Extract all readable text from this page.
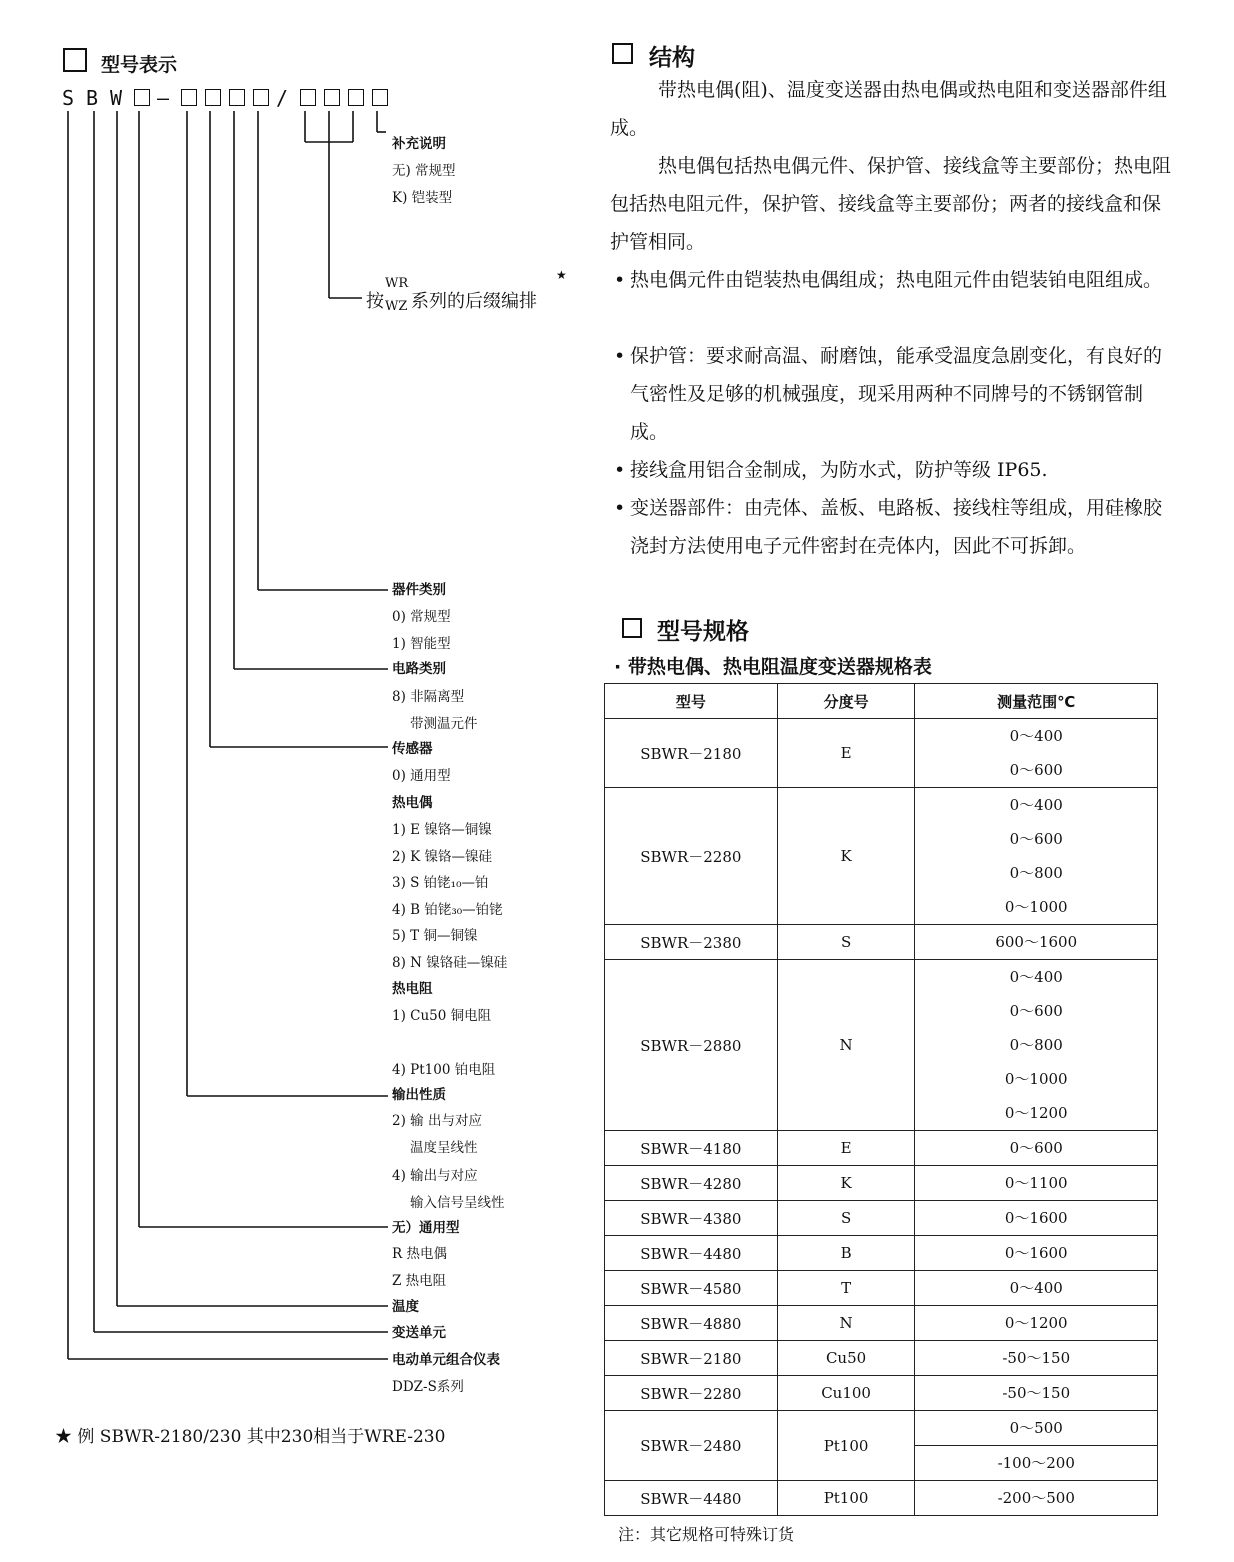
型号表示
S B W —	/
补充说明
无) 常规型
K) 铠装型
按
WR
WZ 系列的后缀编排
★
器件类别
0) 常规型
1) 智能型
电路类别
8) 非隔离型
带测温元件
传感器
0) 通用型
热电偶
1) E 镍铬—铜镍
2) K 镍铬—镍硅
3) S 铂铑₁₀—铂
4) B 铂铑₃₀—铂铑
5) T 铜—铜镍
8) N 镍铬硅—镍硅
热电阻
1) Cu50 铜电阻
4) Pt100 铂电阻
输出性质
2) 输 出与对应
温度呈线性
4) 输出与对应
输入信号呈线性
无）通用型
R 热电偶
Z 热电阻
温度
变送单元
电动单元组合仪表
DDZ-S系列
★ 例 SBWR-2180/230 其中230相当于WRE-230
结构
带热电偶(阻)、温度变送器由热电偶或热电阻和变送器部件组成。
热电偶包括热电偶元件、保护管、接线盒等主要部份；热电阻包括热电阻元件，保护管、接线盒等主要部份；两者的接线盒和保护管相同。
• 热电偶元件由铠装热电偶组成；热电阻元件由铠装铂电阻组成。
• 保护管：要求耐高温、耐磨蚀，能承受温度急剧变化，有良好的气密性及足够的机械强度，现采用两种不同牌号的不锈钢管制成。
• 接线盒用铝合金制成，为防水式，防护等级 IP65.
• 变送器部件：由壳体、盖板、电路板、接线柱等组成，用硅橡胶浇封方法使用电子元件密封在壳体内，因此不可拆卸。
型号规格
· 带热电偶、热电阻温度变送器规格表
型号	分度号	测量范围℃
SBWR－2180	E	0～400
		0～600
SBWR－2280	K	0～400
		0～600
		0～800
		0～1000
SBWR－2380	S	600～1600
SBWR－2880	N	0～400
		0～600
		0～800
		0～1000
		0～1200
SBWR－4180	E	0～600
SBWR－4280	K	0～1100
SBWR－4380	S	0～1600
SBWR－4480	B	0～1600
SBWR－4580	T	0～400
SBWR－4880	N	0～1200
SBWR－2180	Cu50	-50～150
SBWR－2280	Cu100	-50～150
SBWR－2480	Pt100	0～500
		-100～200
SBWR－4480	Pt100	-200～500
注：其它规格可特殊订货
